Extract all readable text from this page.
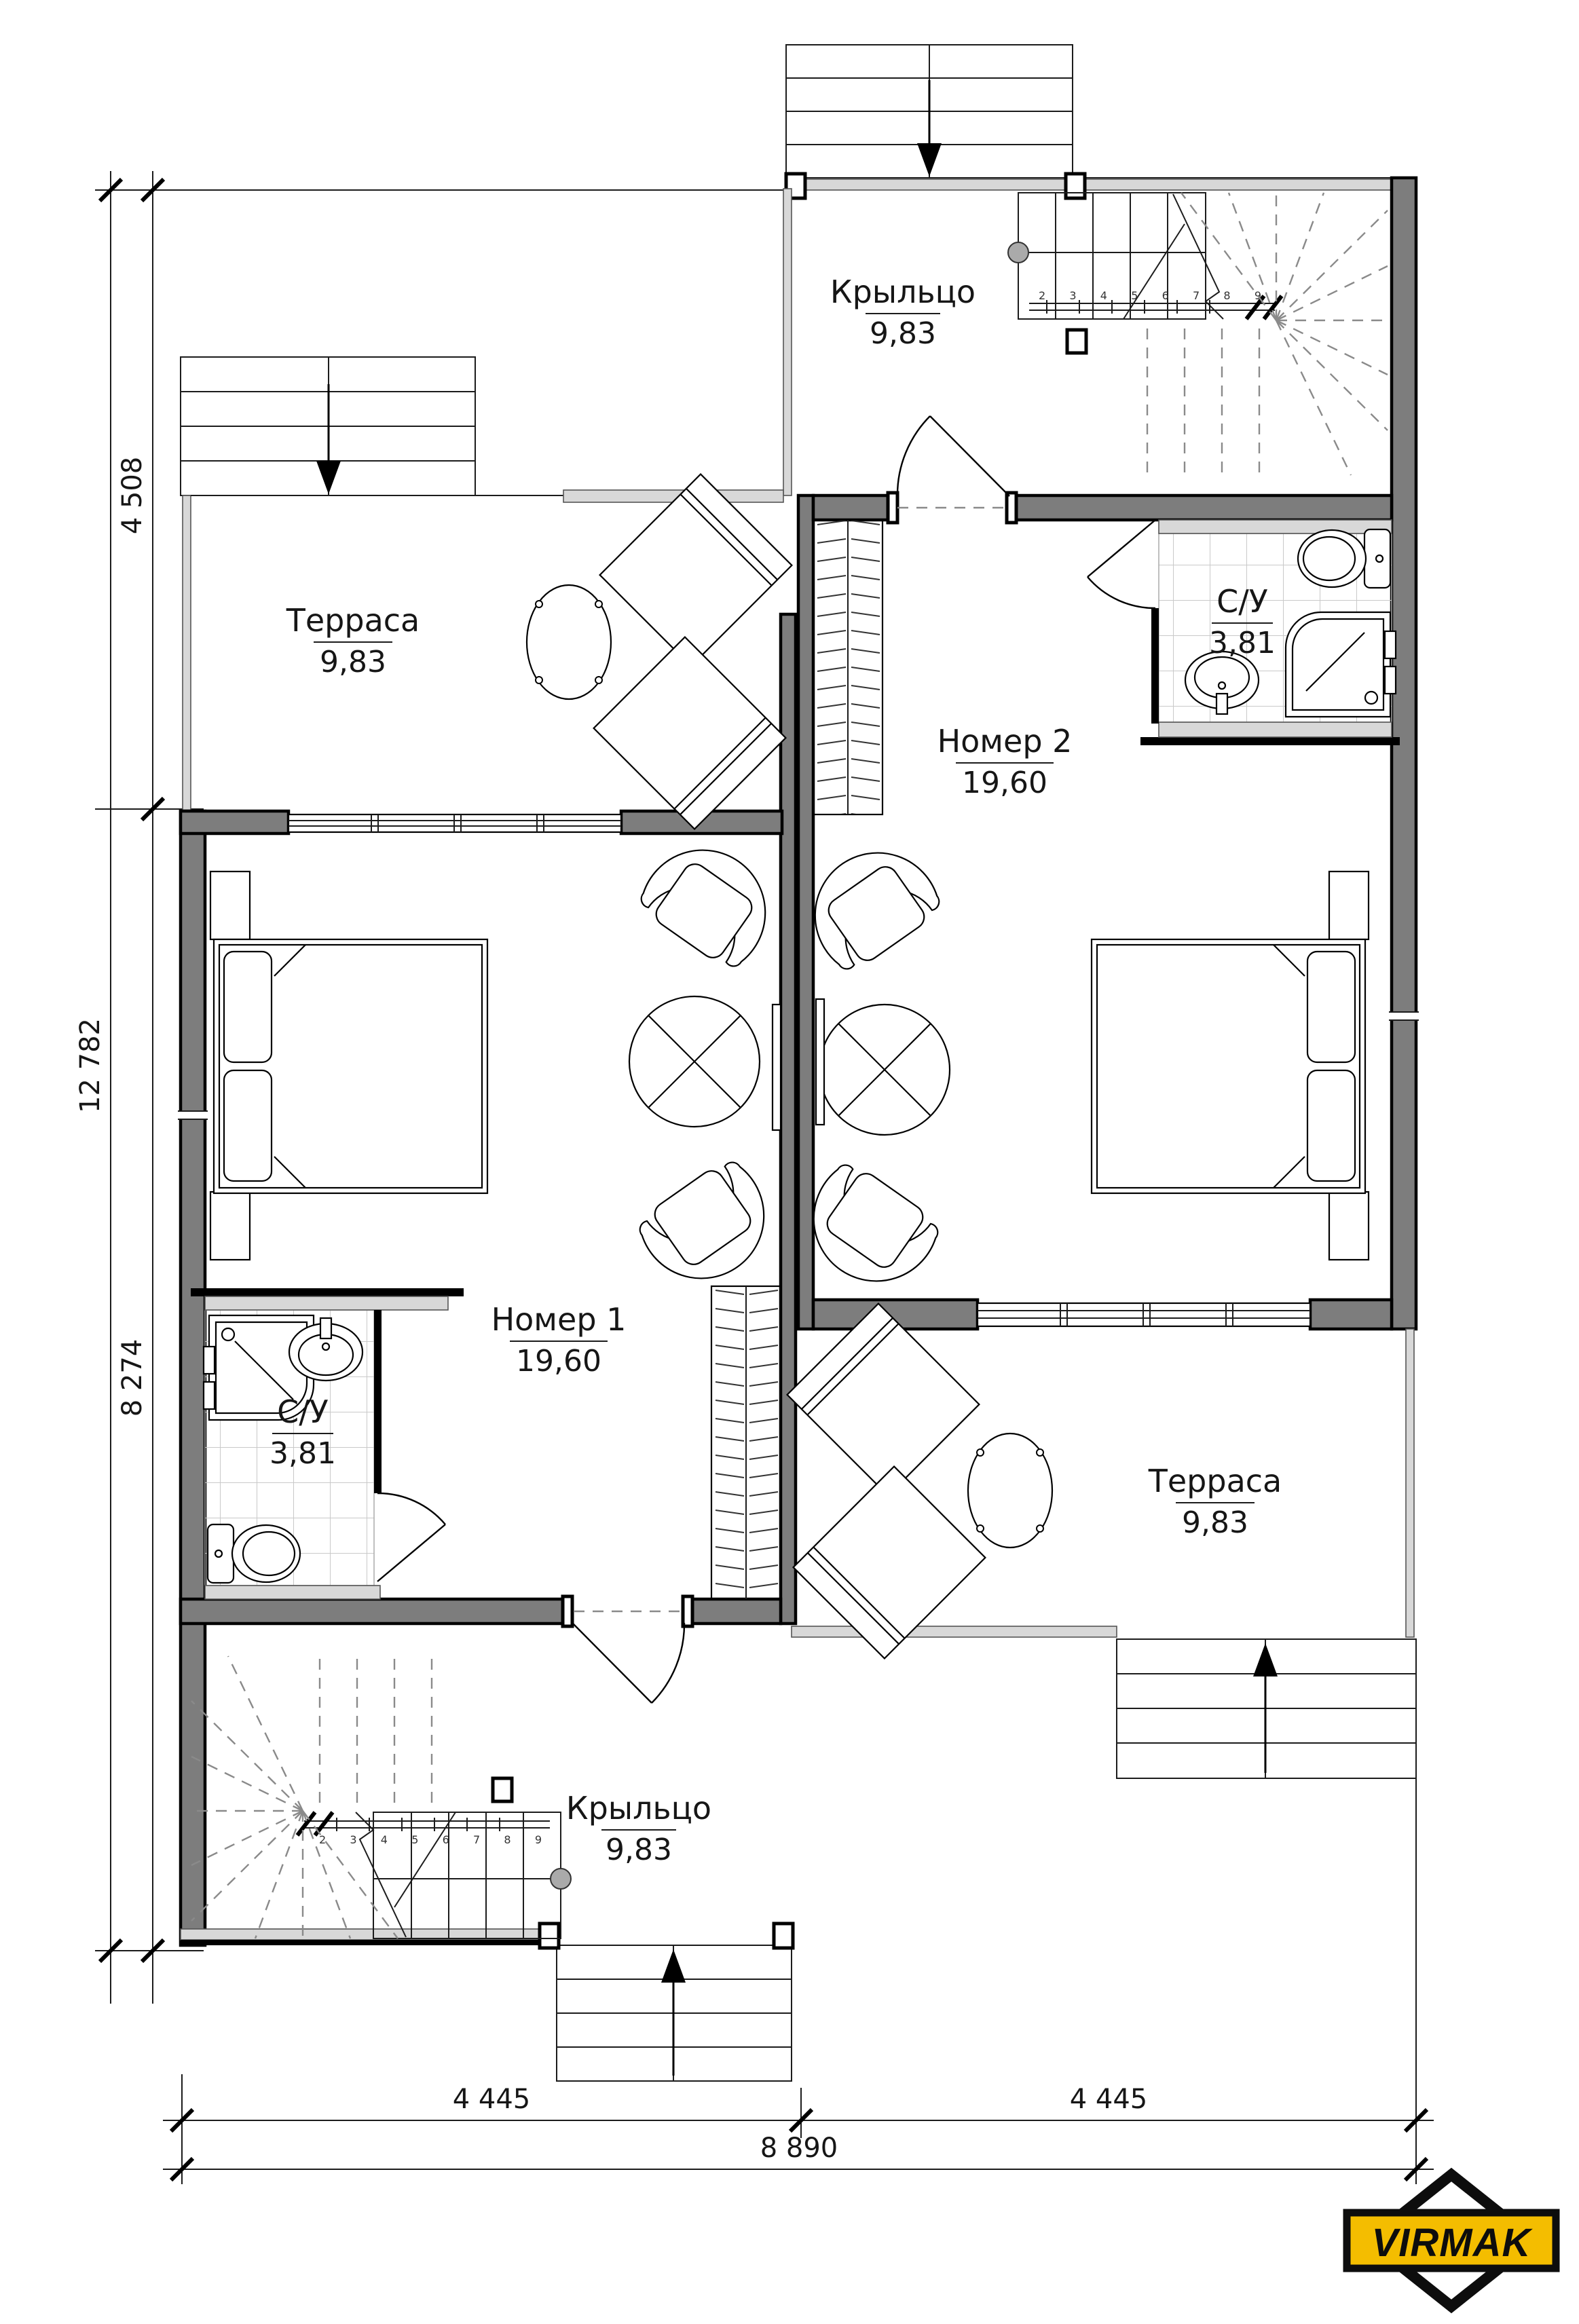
12 782
4 508
8 274
4 445	4 445
8 890
2 3 4 5 6 7 8 9
2 3 4 5 6 7 8 9
Крыльцо
9,83
Терраса
9,83
С/У
3,81
Номер 2
19,60
Номер 1
19,60
С/У
3,81
Терраса
9,83
Крыльцо
9,83
VIRMAK
